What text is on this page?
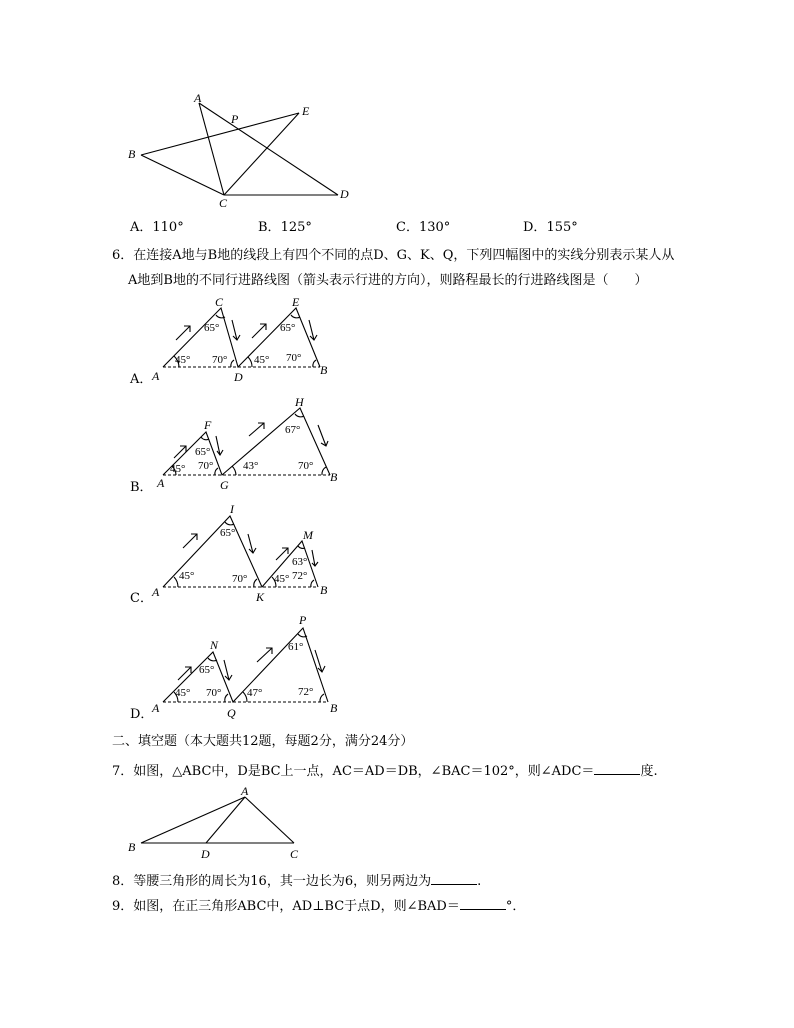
A
P
E
B
C
D
A．110°	B．125°	C．130°	D．155°
6．在连接A地与B地的线段上有四个不同的点D、G、K、Q，下列四幅图中的实线分别表示某人从
A地到B地的不同行进路线图（箭头表示行进的方向），则路程最长的行进路线图是（　　）
A． A
C
D
E
B
45°
65°
70° 45°
65°
70°
B． A
F
G
H
B
45°
65°
70°	43°
67°
70°
C． A
I
K
M
B
45°
65°
70° 45°
63°
72°
D．
A
N
Q
P
B
45°
65°
70° 47°
61°
72°
二、填空题（本大题共12题，每题2分，满分24分）
7．如图，△ABC中，D是BC上一点，AC＝AD＝DB，∠BAC＝102°，则∠ADC＝	度.
A
B	D	C
8．等腰三角形的周长为16，其一边长为6，则另两边为	.
9．如图，在正三角形ABC中，AD⊥BC于点D，则∠BAD＝	°．
